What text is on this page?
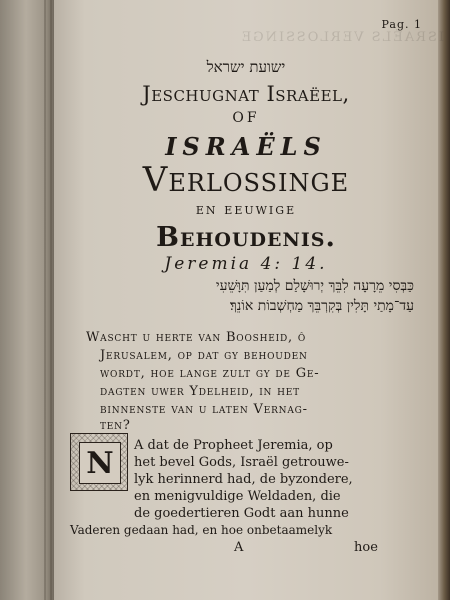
ISRAËLS VERLOSSINGE
Pag. 1
ישועת ישראל
Jeschugnat Israëel,
OF
ISRAËLS
Verlossinge
en eeuwige
Behoudenis.
Jeremia 4: 14.
כַּבְּסִי מֵרָעָה לִבֵּךְ יְרוּשָׁלַם לְמַעַן תִּוָּשֵׁעִי
עַד־מָתַי תָּלִין בְּקִרְבֵּךְ מַחְשְׁבוֹת אוֹנֵךְ׃
Wascht u herte van Boosheid, ô
Jerusalem, op dat gy behouden
wordt, hoe lange zult gy de Ge-
dagten uwer Ydelheid, in het
binnenste van u laten Vernag-
ten?
N	A dat de Propheet Jeremia, op
het bevel Gods, Israël getrouwe-
lyk herinnerd had, de byzondere,
en menigvuldige Weldaden, die
de goedertieren Godt aan hunne
Vaderen gedaan had, en hoe onbetaamelyk
A	hoe
